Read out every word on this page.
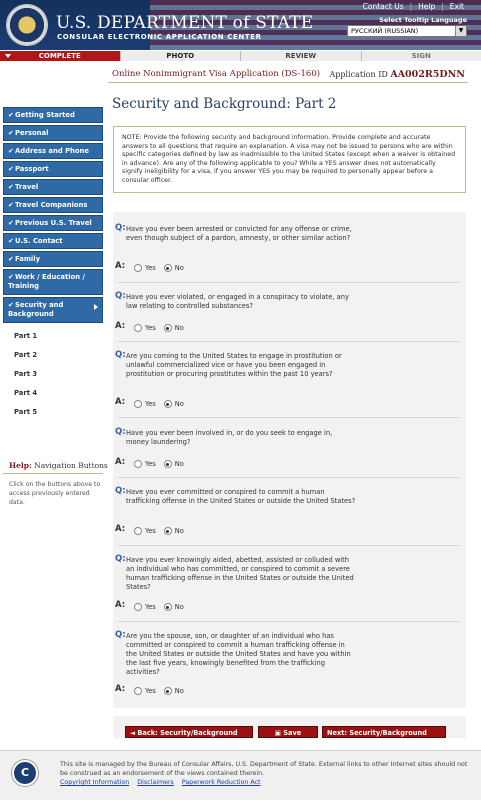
U.S. DEPARTMENT of STATE
CONSULAR ELECTRONIC APPLICATION CENTER
Contact Us | Help | Exit
Select Tooltip Language
РУССКИЙ (RUSSIAN)	▼
COMPLETE	PHOTO	REVIEW	SIGN
Online Nonimmigrant Visa Application (DS-160) Application ID AA002R5DNN
✔Getting Started
✔Personal
✔Address and Phone
✔Passport
✔Travel
✔Travel Companions
✔Previous U.S. Travel
✔U.S. Contact
✔Family
✔Work / Education / Training
✔Security and Background
Part 1
Part 2
Part 3
Part 4
Part 5
Help: Navigation Buttons
Click on the buttons above to access previously entered data.
Security and Background: Part 2
NOTE: Provide the following security and background information. Provide complete and accurate answers to all questions that require an explanation. A visa may not be issued to persons who are within specific categories defined by law as inadmissible to the United States (except when a waiver is obtained in advance). Are any of the following applicable to you? While a YES answer does not automatically signify ineligibility for a visa, if you answer YES you may be required to personally appear before a consular officer.
Q: Have you ever been arrested or convicted for any offense or crime, even though subject of a pardon, amnesty, or other similar action?
A:	Yes	No
Q: Have you ever violated, or engaged in a conspiracy to violate, any law relating to controlled substances?
A:	Yes	No
Q: Are you coming to the United States to engage in prostitution or unlawful commercialized vice or have you been engaged in prostitution or procuring prostitutes within the past 10 years?
A:	Yes	No
Q: Have you ever been involved in, or do you seek to engage in, money laundering?
A:	Yes	No
Q: Have you ever committed or conspired to commit a human trafficking offense in the United States or outside the United States?
A:	Yes	No
Q: Have you ever knowingly aided, abetted, assisted or colluded with an individual who has committed, or conspired to commit a severe human trafficking offense in the United States or outside the United States?
A:	Yes	No
Q: Are you the spouse, son, or daughter of an individual who has committed or conspired to commit a human trafficking offense in the United States or outside the United States and have you within the last five years, knowingly benefited from the trafficking activities?
A:	Yes	No
◄ Back: Security/Background Part 1
▣ Save	Next: Security/Background Part 3 ►
C
This site is managed by the Bureau of Consular Affairs, U.S. Department of State. External links to other Internet sites should not be construed as an endorsement of the views contained therein.
Copyright Information Disclaimers Paperwork Reduction Act
